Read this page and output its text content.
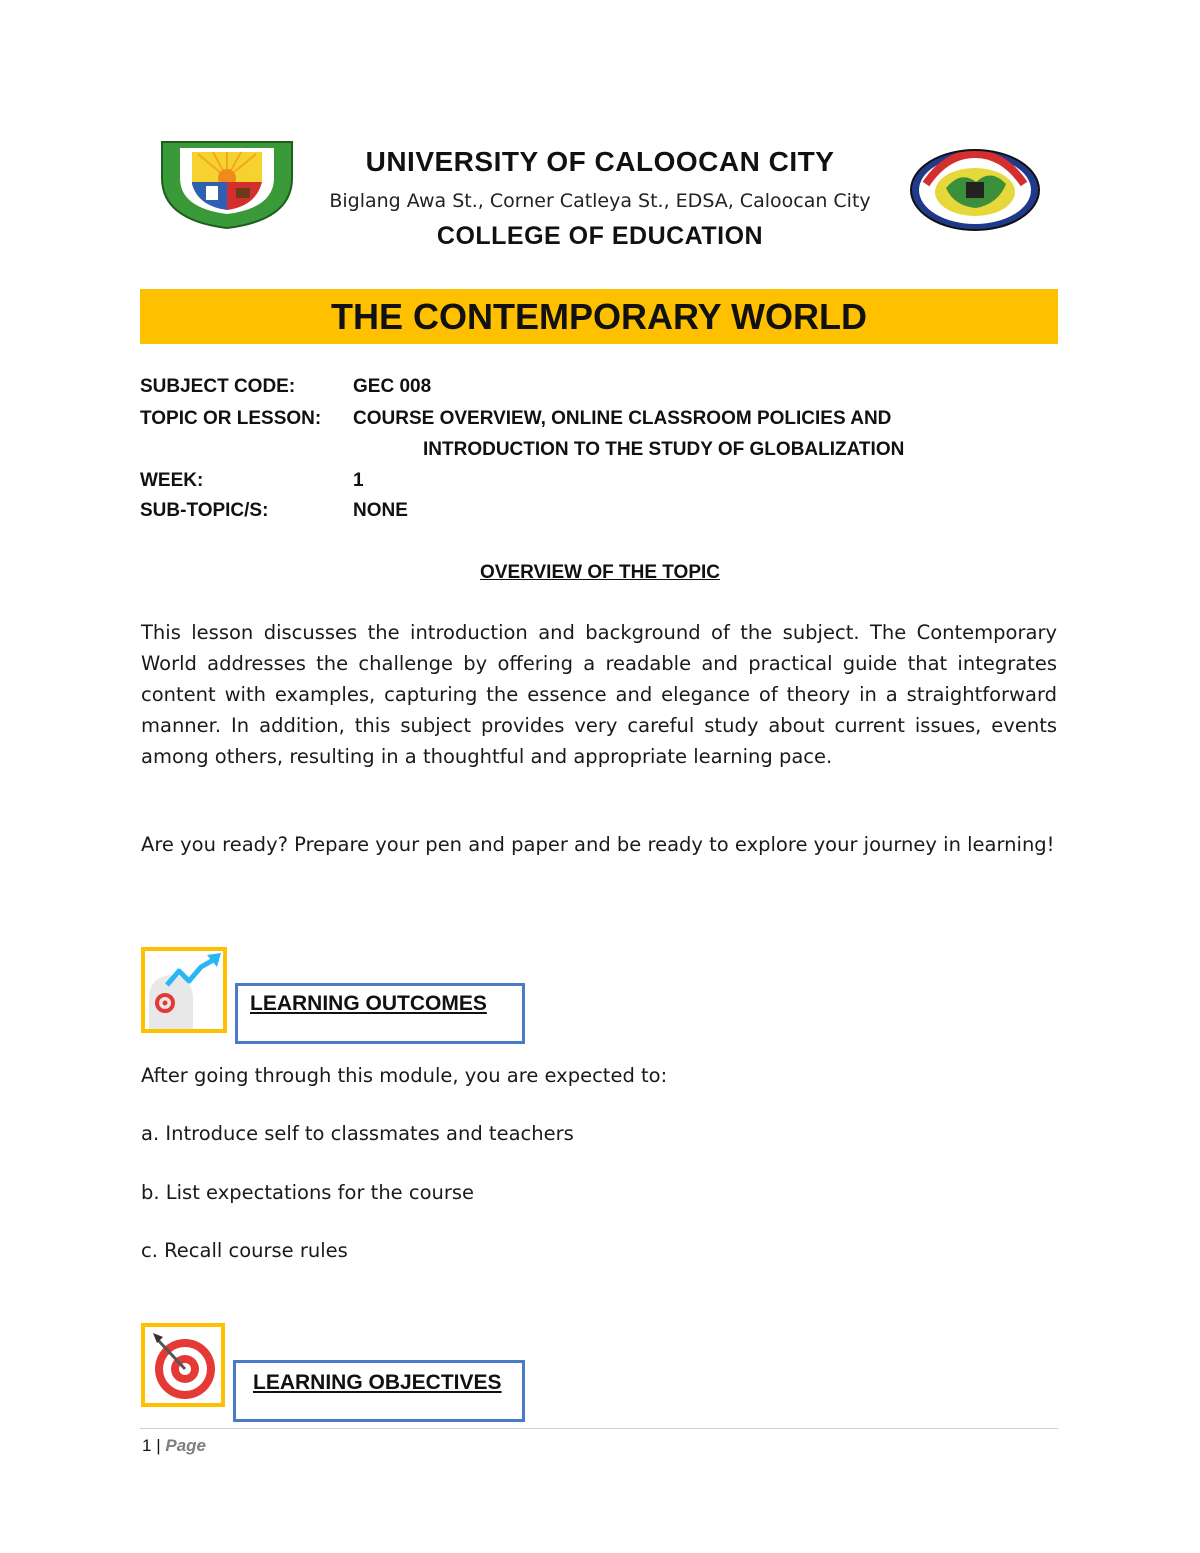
UNIVERSITY OF CALOOCAN CITY
Biglang Awa St., Corner Catleya St., EDSA, Caloocan City
COLLEGE OF EDUCATION
THE CONTEMPORARY WORLD
SUBJECT CODE:	GEC 008
TOPIC OR LESSON: COURSE OVERVIEW, ONLINE CLASSROOM POLICIES AND
INTRODUCTION TO THE STUDY OF GLOBALIZATION
WEEK:	1
SUB-TOPIC/S:	NONE
OVERVIEW OF THE TOPIC
This lesson discusses the introduction and background of the subject. The Contemporary World addresses the challenge by offering a readable and practical guide that integrates content with examples, capturing the essence and elegance of theory in a straightforward manner. In addition, this subject provides very careful study about current issues, events among others, resulting in a thoughtful and appropriate learning pace.
Are you ready? Prepare your pen and paper and be ready to explore your journey in learning!
LEARNING OUTCOMES
After going through this module, you are expected to:
a. Introduce self to classmates and teachers
b. List expectations for the course
c. Recall course rules
LEARNING OBJECTIVES
1 | Page
